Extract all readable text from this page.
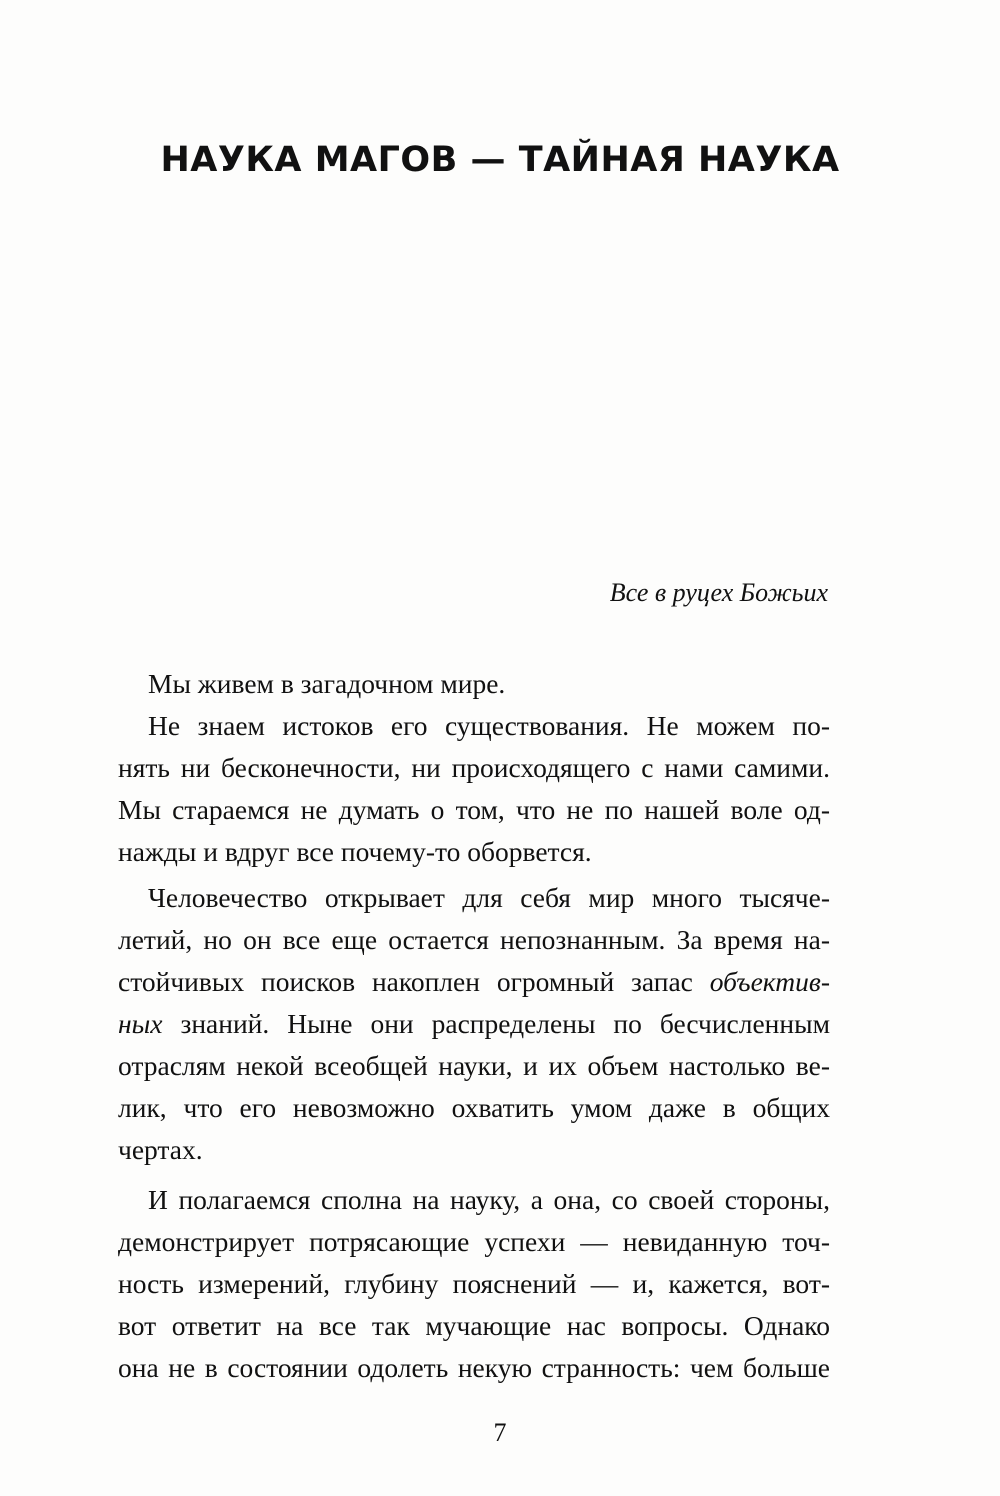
НАУКА МАГОВ — ТАЙНАЯ НАУКА

Все в руцех Божьих

Мы живем в загадочном мире.

Не знаем истоков его существования. Не можем по-

нять ни бесконечности, ни происходящего с нами самими.

Мы стараемся не думать о том, что не по нашей воле од-

нажды и вдруг все почему-то оборвется.

Человечество открывает для себя мир много тысяче-

летий, но он все еще остается непознанным. За время на-

стойчивых поисков накоплен огромный запас объектив-

ных знаний. Ныне они распределены по бесчисленным

отраслям некой всеобщей науки, и их объем настолько ве-

лик, что его невозможно охватить умом даже в общих

чертах.

И полагаемся сполна на науку, а она, со своей стороны,

демонстрирует потрясающие успехи — невиданную точ-

ность измерений, глубину пояснений — и, кажется, вот-

вот ответит на все так мучающие нас вопросы. Однако

она не в состоянии одолеть некую странность: чем больше

7
